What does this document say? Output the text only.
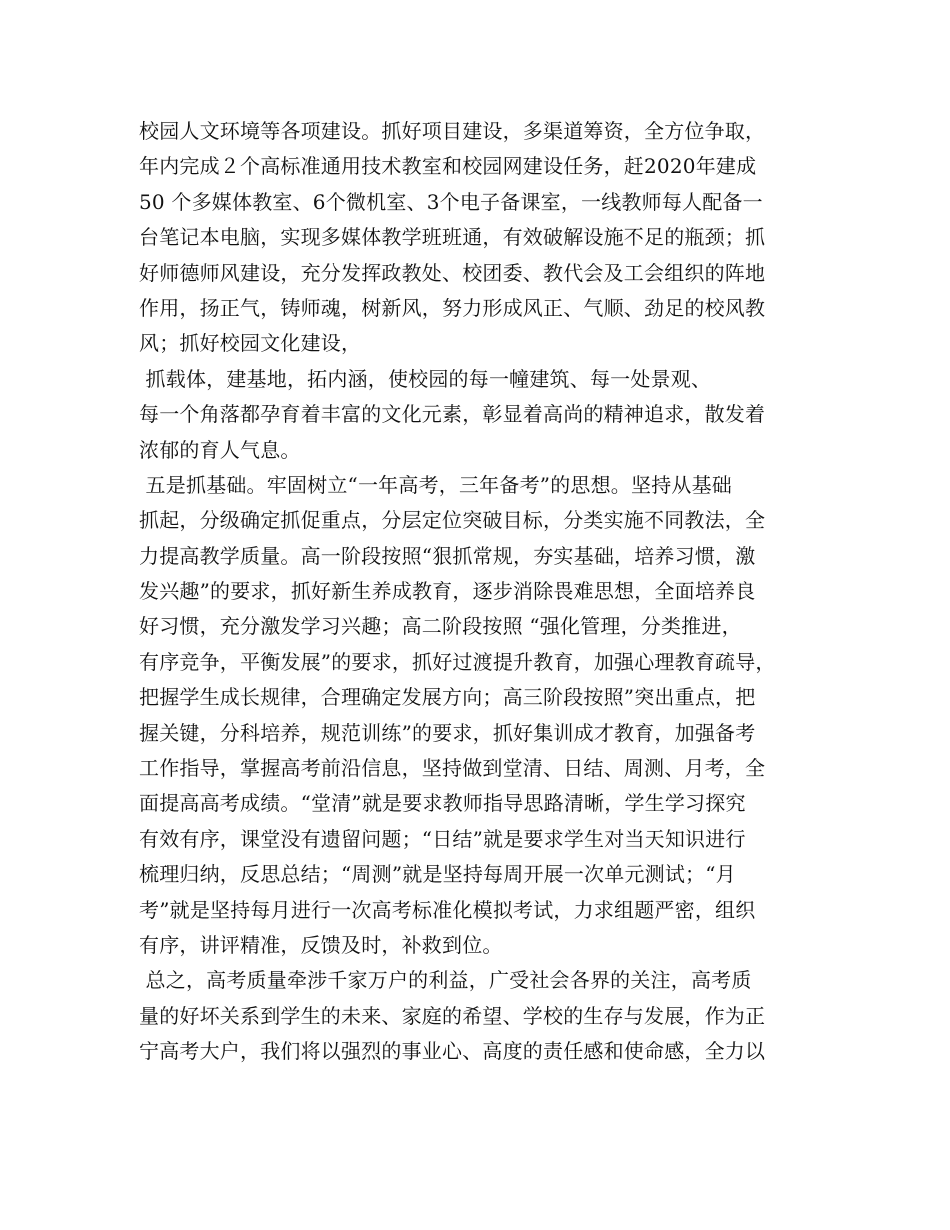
校园人文环境等各项建设。抓好项目建设，多渠道筹资，全方位争取，
年内完成２个高标准通用技术教室和校园网建设任务，赶2020年建成
50 个多媒体教室、6个微机室、3个电子备课室，一线教师每人配备一
台笔记本电脑，实现多媒体教学班班通，有效破解设施不足的瓶颈；抓
好师德师风建设，充分发挥政教处、校团委、教代会及工会组织的阵地
作用，扬正气，铸师魂，树新风，努力形成风正、气顺、劲足的校风教
风；抓好校园文化建设，
抓载体，建基地，拓内涵，使校园的每一幢建筑、每一处景观、
每一个角落都孕育着丰富的文化元素，彰显着高尚的精神追求，散发着
浓郁的育人气息。
五是抓基础。牢固树立“一年高考，三年备考”的思想。坚持从基础
抓起，分级确定抓促重点，分层定位突破目标，分类实施不同教法，全
力提高教学质量。高一阶段按照“狠抓常规，夯实基础，培养习惯，激
发兴趣”的要求，抓好新生养成教育，逐步消除畏难思想，全面培养良
好习惯，充分激发学习兴趣；高二阶段按照 “强化管理，分类推进，
有序竞争，平衡发展”的要求，抓好过渡提升教育，加强心理教育疏导，
把握学生成长规律，合理确定发展方向；高三阶段按照”突出重点，把
握关键，分科培养，规范训练”的要求，抓好集训成才教育，加强备考
工作指导，掌握高考前沿信息，坚持做到堂清、日结、周测、月考，全
面提高高考成绩。“堂清”就是要求教师指导思路清晰，学生学习探究
有效有序，课堂没有遗留问题；“日结”就是要求学生对当天知识进行
梳理归纳，反思总结；“周测”就是坚持每周开展一次单元测试；“月
考”就是坚持每月进行一次高考标准化模拟考试，力求组题严密，组织
有序，讲评精准，反馈及时，补救到位。
总之，高考质量牵涉千家万户的利益，广受社会各界的关注，高考质
量的好坏关系到学生的未来、家庭的希望、学校的生存与发展，作为正
宁高考大户，我们将以强烈的事业心、高度的责任感和使命感，全力以
